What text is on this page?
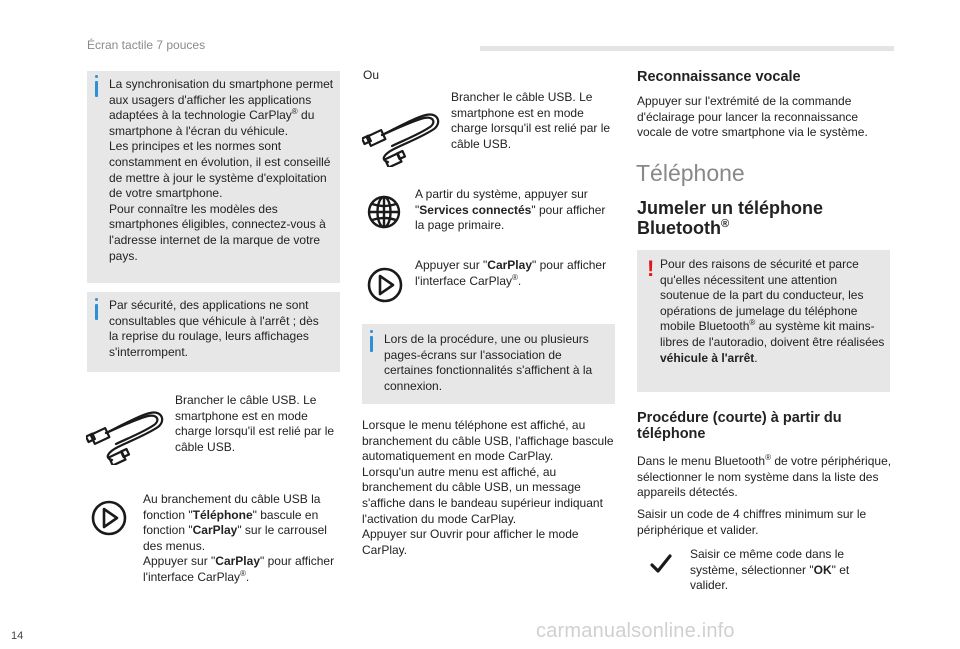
Écran tactile 7 pouces
La synchronisation du smartphone permet
aux usagers d'afficher les applications
adaptées à la technologie CarPlay® du
smartphone à l'écran du véhicule.
Les principes et les normes sont
constamment en évolution, il est conseillé
de mettre à jour le système d'exploitation
de votre smartphone.
Pour connaître les modèles des
smartphones éligibles, connectez-vous à
l'adresse internet de la marque de votre
pays.
Par sécurité, des applications ne sont
consultables que véhicule à l'arrêt ; dès
la reprise du roulage, leurs affichages
s'interrompent.
Brancher le câble USB. Le
smartphone est en mode
charge lorsqu'il est relié par le
câble USB.
Au branchement du câble USB la
fonction "Téléphone" bascule en
fonction "CarPlay" sur le carrousel
des menus.
Appuyer sur "CarPlay" pour afficher
l'interface CarPlay®.
Ou
Brancher le câble USB. Le
smartphone est en mode
charge lorsqu'il est relié par le
câble USB.
A partir du système, appuyer sur
"Services connectés" pour afficher
la page primaire.
Appuyer sur "CarPlay" pour afficher
l'interface CarPlay®.
Lors de la procédure, une ou plusieurs
pages-écrans sur l'association de
certaines fonctionnalités s'affichent à la
connexion.
Lorsque le menu téléphone est affiché, au
branchement du câble USB, l'affichage bascule
automatiquement en mode CarPlay.
Lorsqu'un autre menu est affiché, au
branchement du câble USB, un message
s'affiche dans le bandeau supérieur indiquant
l'activation du mode CarPlay.
Appuyer sur Ouvrir pour afficher le mode
CarPlay.
Reconnaissance vocale
Appuyer sur l'extrémité de la commande
d'éclairage pour lancer la reconnaissance
vocale de votre smartphone via le système.
Téléphone
Jumeler un téléphone
Bluetooth®
! Pour des raisons de sécurité et parce
qu'elles nécessitent une attention
soutenue de la part du conducteur, les
opérations de jumelage du téléphone
mobile Bluetooth® au système kit mains-
libres de l'autoradio, doivent être réalisées
véhicule à l'arrêt.
Procédure (courte) à partir du
téléphone
Dans le menu Bluetooth® de votre périphérique,
sélectionner le nom système dans la liste des
appareils détectés.
Saisir un code de 4 chiffres minimum sur le
périphérique et valider.
Saisir ce même code dans le
système, sélectionner "OK" et
valider.
14	carmanualsonline.info
